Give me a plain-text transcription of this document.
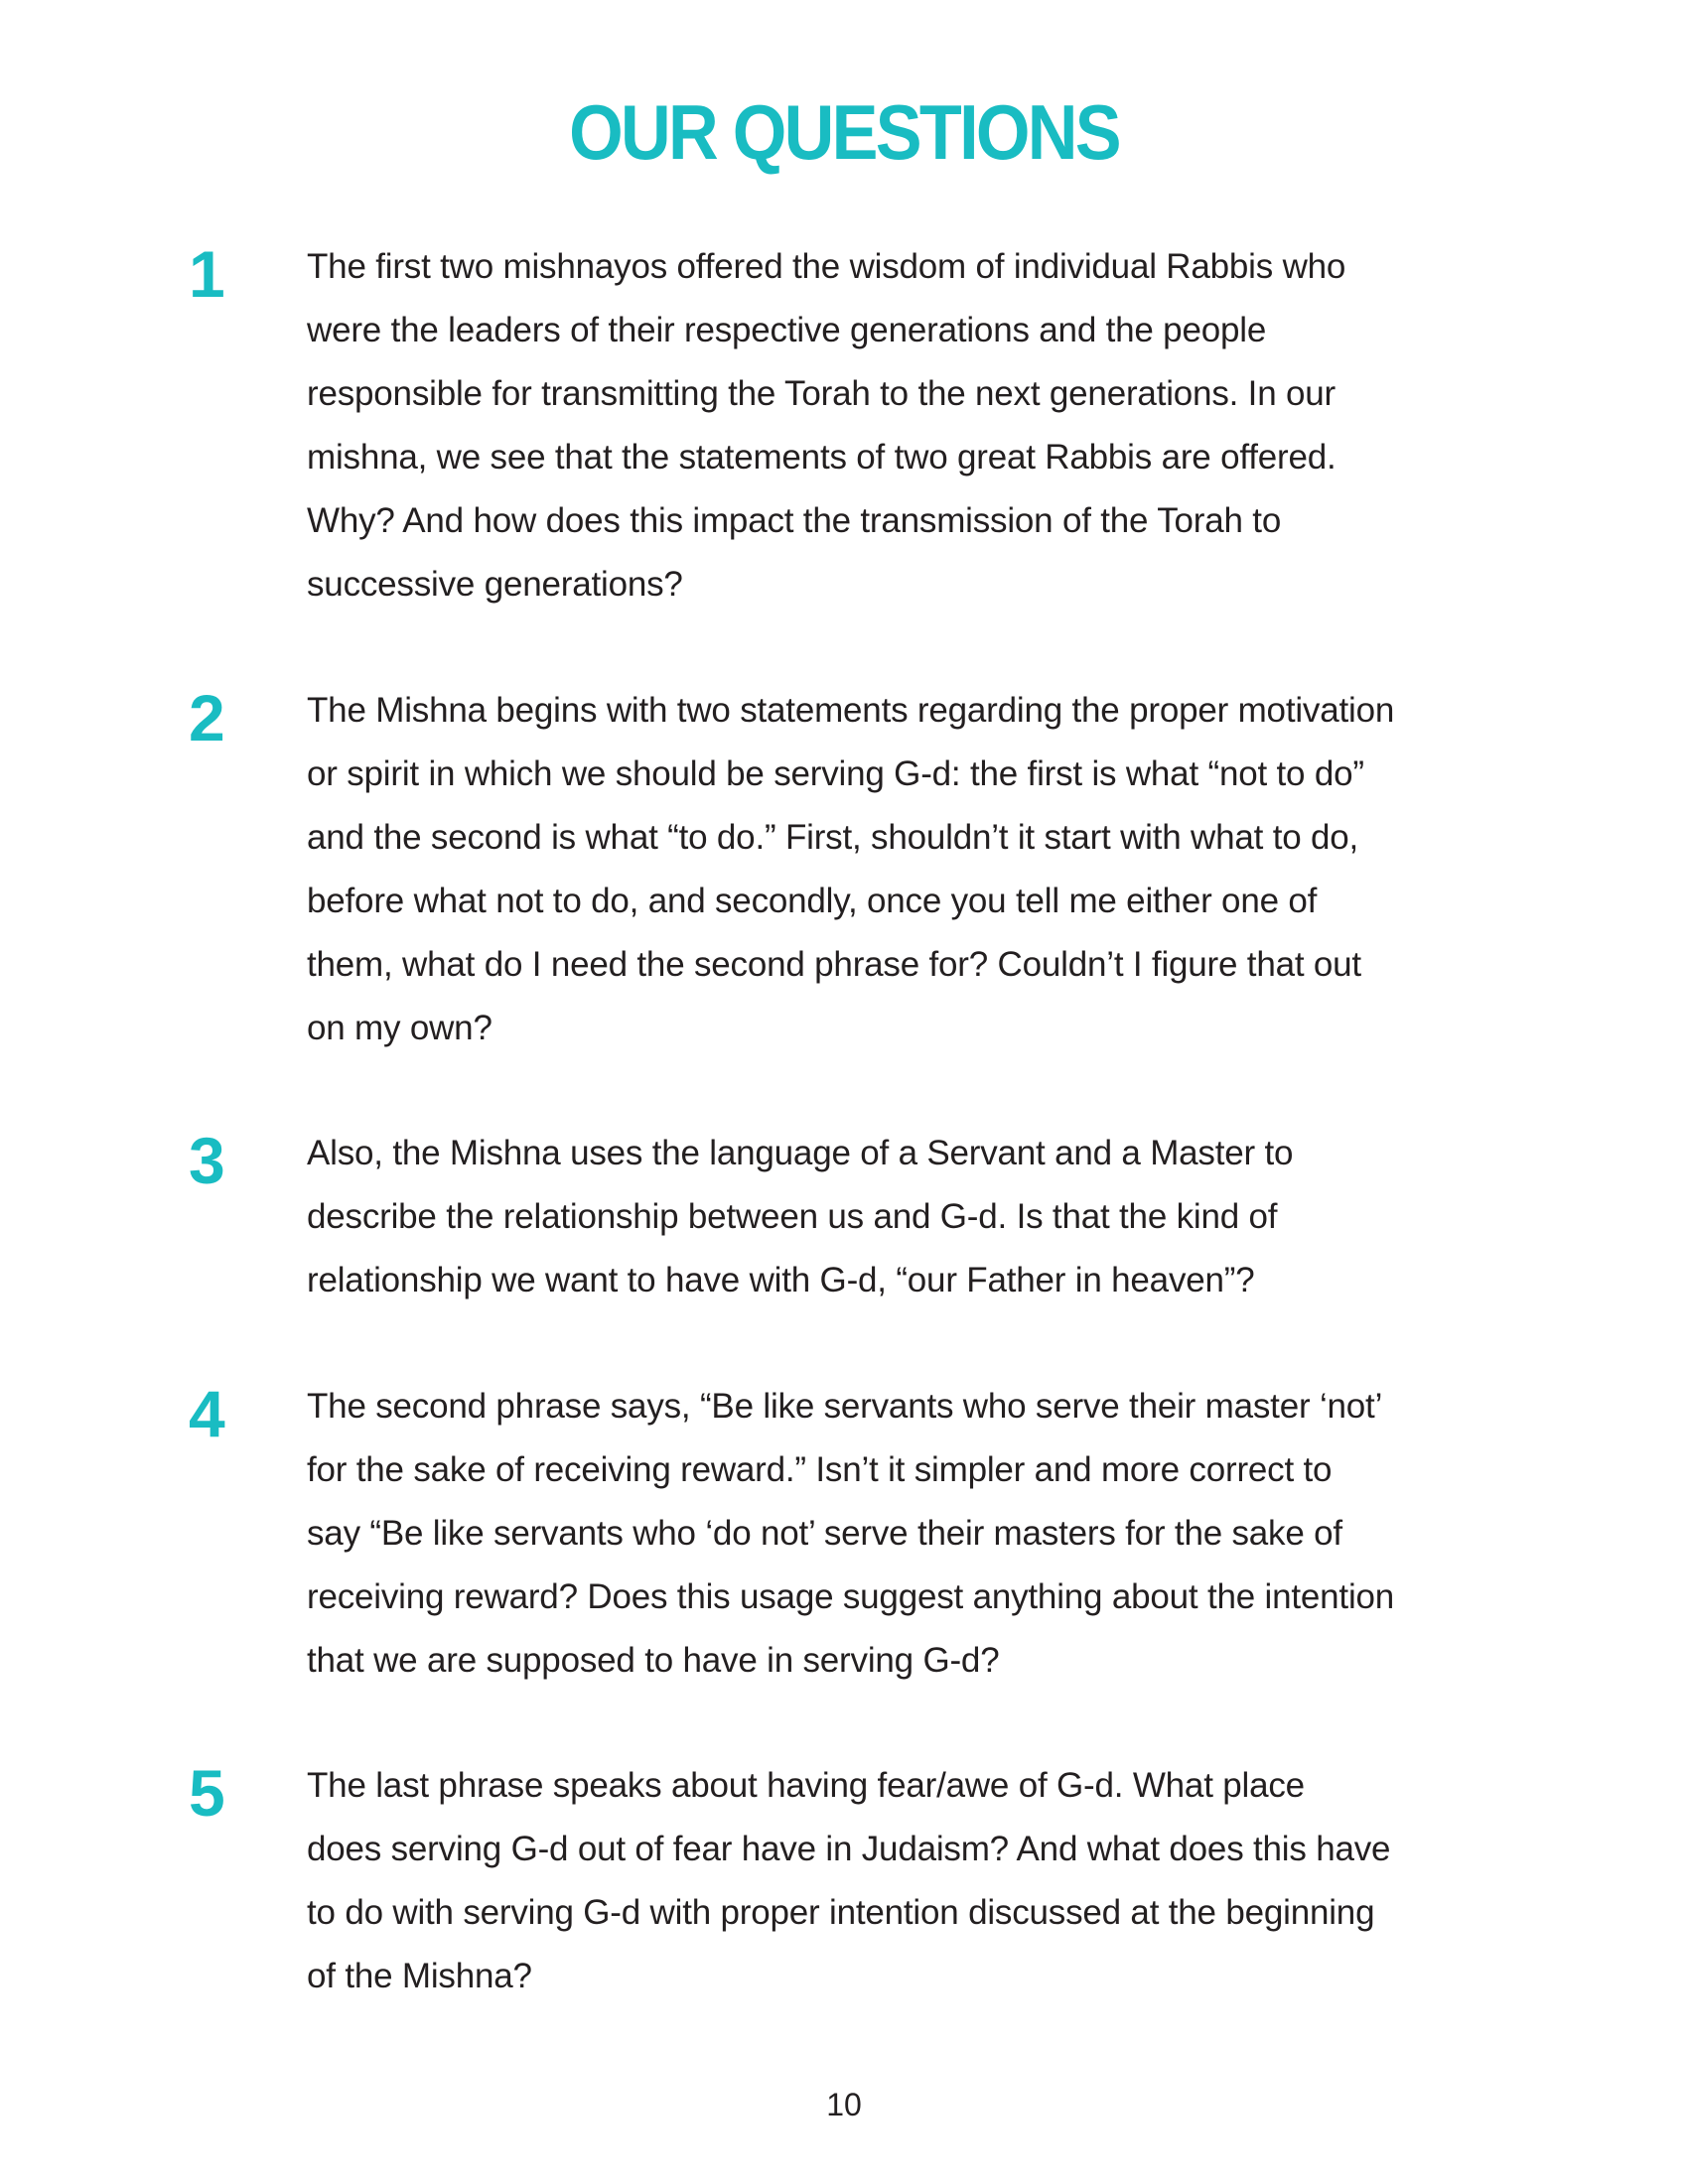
OUR QUESTIONS
1 The first two mishnayos offered the wisdom of individual Rabbis who
were the leaders of their respective generations and the people
responsible for transmitting the Torah to the next generations. In our
mishna, we see that the statements of two great Rabbis are offered.
Why? And how does this impact the transmission of the Torah to
successive generations?
2 The Mishna begins with two statements regarding the proper motivation
or spirit in which we should be serving G-d: the first is what “not to do”
and the second is what “to do.” First, shouldn’t it start with what to do,
before what not to do, and secondly, once you tell me either one of
them, what do I need the second phrase for? Couldn’t I figure that out
on my own?
3 Also, the Mishna uses the language of a Servant and a Master to
describe the relationship between us and G-d. Is that the kind of
relationship we want to have with G-d, “our Father in heaven”?
4 The second phrase says, “Be like servants who serve their master ‘not’
for the sake of receiving reward.” Isn’t it simpler and more correct to
say “Be like servants who ‘do not’ serve their masters for the sake of
receiving reward? Does this usage suggest anything about the intention
that we are supposed to have in serving G-d?
5 The last phrase speaks about having fear/awe of G-d. What place
does serving G-d out of fear have in Judaism? And what does this have
to do with serving G-d with proper intention discussed at the beginning
of the Mishna?
10
